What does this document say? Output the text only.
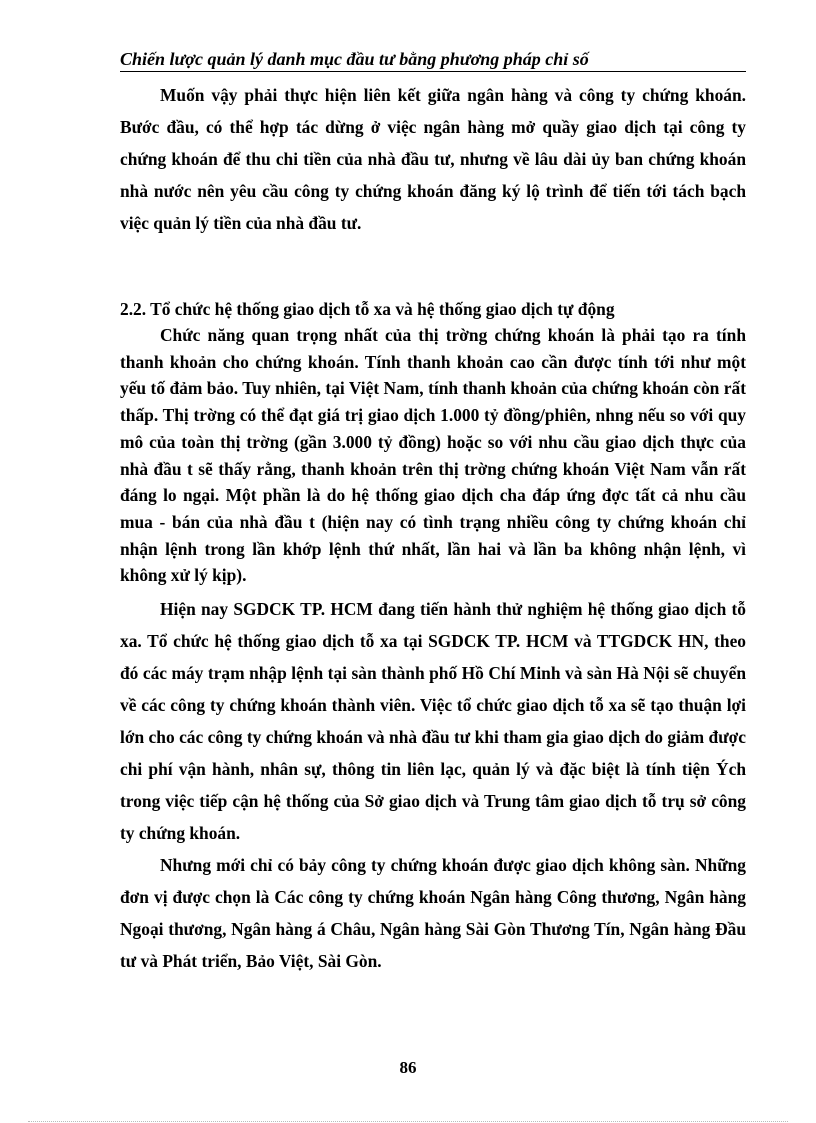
Chiến lược quản lý danh mục đầu tư bằng phương pháp chỉ số

Muốn vậy phải thực hiện liên kết giữa ngân hàng và công ty chứng khoán. Bước đầu, có thể hợp tác dừng ở việc ngân hàng mở quầy giao dịch tại công ty chứng khoán để thu chi tiền của nhà đầu tư, nhưng về lâu dài ủy ban chứng khoán nhà nước nên yêu cầu công ty chứng khoán đăng ký lộ trình để tiến tới tách bạch việc quản lý tiền của nhà đầu tư.

2.2. Tổ chức hệ thống giao dịch tỗ xa và hệ thống giao dịch tự động

Chức năng quan trọng nhất của thị trờng chứng khoán là phải tạo ra tính thanh khoản cho chứng khoán. Tính thanh khoản cao cần được tính tới như một yếu tố đảm bảo. Tuy nhiên, tại Việt Nam, tính thanh khoản của chứng khoán còn rất thấp. Thị trờng có thể đạt giá trị giao dịch 1.000 tỷ đồng/phiên, nhng nếu so với quy mô của toàn thị trờng (gần 3.000 tỷ đồng) hoặc so với nhu cầu giao dịch thực của nhà đầu t sẽ thấy rằng, thanh khoản trên thị trờng chứng khoán Việt Nam vẫn rất đáng lo ngại. Một phần là do hệ thống giao dịch cha đáp ứng đợc tất cả nhu cầu mua - bán của nhà đầu t (hiện nay có tình trạng nhiều công ty chứng khoán chỉ nhận lệnh trong lần khớp lệnh thứ nhất, lần hai và lần ba không nhận lệnh, vì không xử lý kịp).

Hiện nay SGDCK TP. HCM đang tiến hành thử nghiệm hệ thống giao dịch tỗ xa. Tổ chức hệ thống giao dịch tỗ xa tại SGDCK TP. HCM và TTGDCK HN, theo đó các máy trạm nhập lệnh tại sàn thành phố Hồ Chí Minh và sàn Hà Nội sẽ chuyển về các công ty chứng khoán thành viên. Việc tổ chức giao dịch tỗ xa sẽ tạo thuận lợi lớn cho các công ty chứng khoán và nhà đầu tư khi tham gia giao dịch do giảm được chi phí vận hành, nhân sự, thông tin liên lạc, quản lý và đặc biệt là tính tiện Ých trong việc tiếp cận hệ thống của Sở giao dịch và Trung tâm giao dịch tỗ trụ sở công ty chứng khoán.

Nhưng mới chỉ có bảy công ty chứng khoán được giao dịch không sàn. Những đơn vị được chọn là Các công ty chứng khoán Ngân hàng Công thương, Ngân hàng Ngoại thương, Ngân hàng á Châu, Ngân hàng Sài Gòn Thương Tín, Ngân hàng Đầu tư và Phát triển, Bảo Việt, Sài Gòn.

86
